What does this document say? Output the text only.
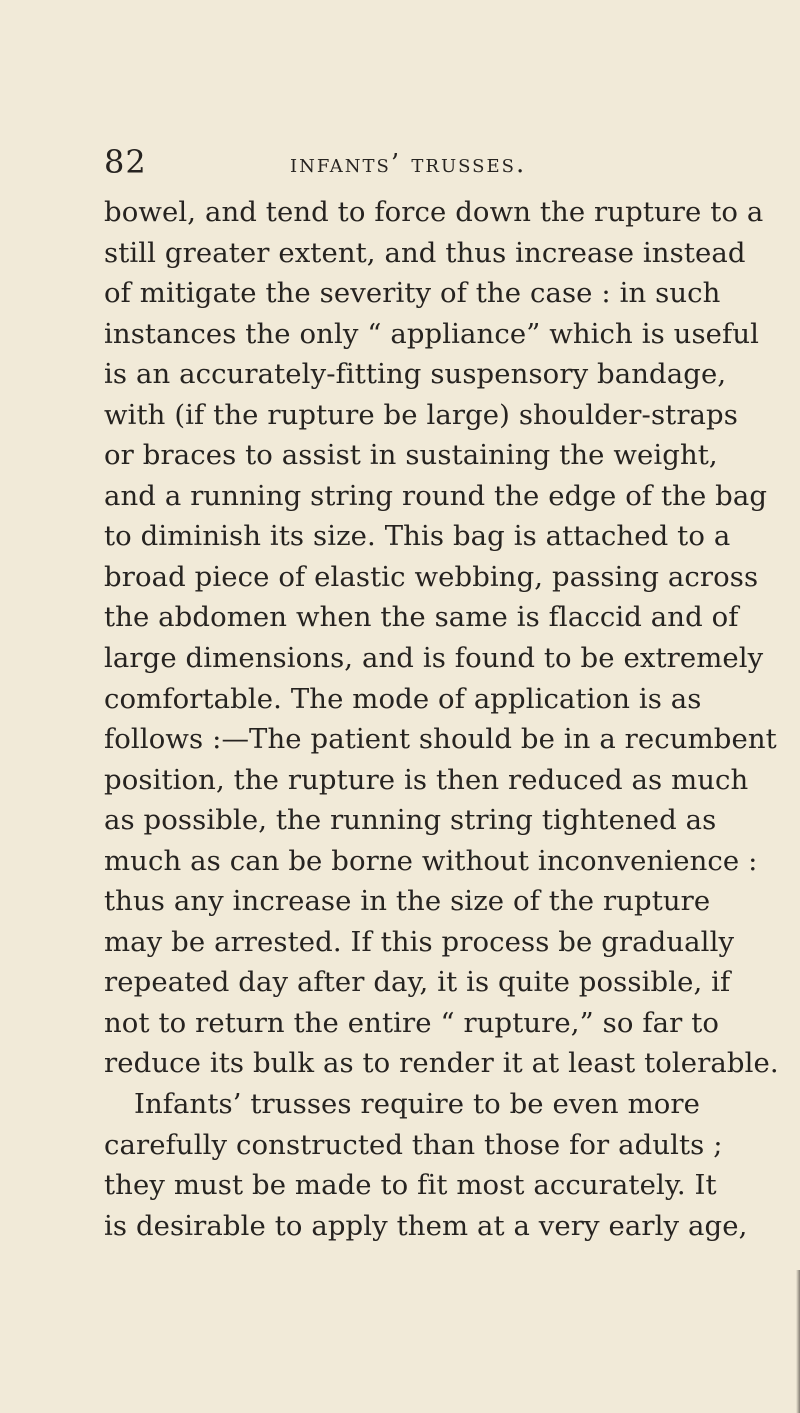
82	infants’ trusses.
bowel, and tend to force down the rupture to a
still greater extent, and thus increase instead
of mitigate the severity of the case : in such
instances the only “ appliance” which is useful
is an accurately-fitting suspensory bandage,
with (if the rupture be large) shoulder-straps
or braces to assist in sustaining the weight,
and a running string round the edge of the bag
to diminish its size. This bag is attached to a
broad piece of elastic webbing, passing across
the abdomen when the same is flaccid and of
large dimensions, and is found to be extremely
comfortable. The mode of application is as
follows :—The patient should be in a recumbent
position, the rupture is then reduced as much
as possible, the running string tightened as
much as can be borne without inconvenience :
thus any increase in the size of the rupture
may be arrested. If this process be gradually
repeated day after day, it is quite possible, if
not to return the entire “ rupture,” so far to
reduce its bulk as to render it at least tolerable.
Infants’ trusses require to be even more
carefully constructed than those for adults ;
they must be made to fit most accurately. It
is desirable to apply them at a very early age,
